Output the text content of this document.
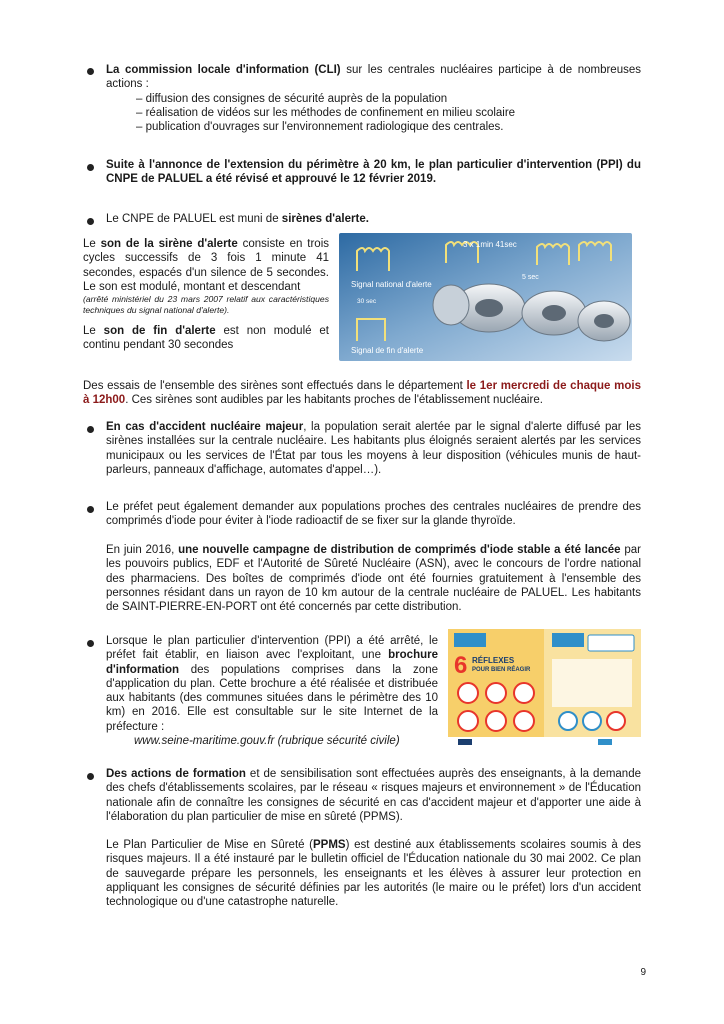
La commission locale d'information (CLI) sur les centrales nucléaires participe à de nombreuses actions :

– diffusion des consignes de sécurité auprès de la population
– réalisation de vidéos sur les méthodes de confinement en milieu scolaire
– publication d'ouvrages sur l'environnement radiologique des centrales.

Suite à l'annonce de l'extension du périmètre à 20 km, le plan particulier d'intervention (PPI) du CNPE de PALUEL a été révisé et approuvé le 12 février 2019.

Le CNPE de PALUEL est muni de sirènes d'alerte.

Le son de la sirène d'alerte consiste en trois cycles successifs de 3 fois 1 minute 41 secondes, espacés d'un silence de 5 secondes. Le son est modulé, montant et descendant

(arrêté ministériel du 23 mars 2007 relatif aux caractéristiques techniques du signal national d'alerte).

Le son de fin d'alerte est non modulé et continu pendant 30 secondes

3 x 1min 41sec
5 sec
Signal national d'alerte
30 sec
Signal de fin d'alerte

Des essais de l'ensemble des sirènes sont effectués dans le département le 1er mercredi de chaque mois à 12h00. Ces sirènes sont audibles par les habitants proches de l'établissement nucléaire.

En cas d'accident nucléaire majeur, la population serait alertée par le signal d'alerte diffusé par les sirènes installées sur la centrale nucléaire. Les habitants plus éloignés seraient alertés par les services municipaux ou les services de l'État par tous les moyens à leur disposition (véhicules munis de haut-parleurs, panneaux d'affichage, automates d'appel…).

Le préfet peut également demander aux populations proches des centrales nucléaires de prendre des comprimés d'iode pour éviter à l'iode radioactif de se fixer sur la glande thyroïde.

En juin 2016, une nouvelle campagne de distribution de comprimés d'iode stable a été lancée par les pouvoirs publics, EDF et l'Autorité de Sûreté Nucléaire (ASN), avec le concours de l'ordre national des pharmaciens. Des boîtes de comprimés d'iode ont été fournies gratuitement à l'ensemble des personnes résidant dans un rayon de 10 km autour de la centrale nucléaire de PALUEL. Les habitants de SAINT-PIERRE-EN-PORT ont été concernés par cette distribution.

Lorsque le plan particulier d'intervention (PPI) a été arrêté, le préfet fait établir, en liaison avec l'exploitant, une brochure d'information des populations comprises dans la zone d'application du plan. Cette brochure a été réalisée et distribuée aux habitants (des communes situées dans le périmètre des 10 km) en 2016. Elle est consultable sur le site Internet de la préfecture :

www.seine-maritime.gouv.fr (rubrique sécurité civile)

6 RÉFLEXES
POUR BIEN RÉAGIR

Des actions de formation et de sensibilisation sont effectuées auprès des enseignants, à la demande des chefs d'établissements scolaires, par le réseau « risques majeurs et environnement » de l'Éducation nationale afin de connaître les consignes de sécurité en cas d'accident majeur et d'apporter une aide à l'élaboration du plan particulier de mise en sûreté (PPMS).

Le Plan Particulier de Mise en Sûreté (PPMS) est destiné aux établissements scolaires soumis à des risques majeurs. Il a été instauré par le bulletin officiel de l'Éducation nationale du 30 mai 2002. Ce plan de sauvegarde prépare les personnels, les enseignants et les élèves à assurer leur protection en appliquant les consignes de sécurité définies par les autorités (le maire ou le préfet) lors d'un accident technologique ou d'une catastrophe naturelle.

9
